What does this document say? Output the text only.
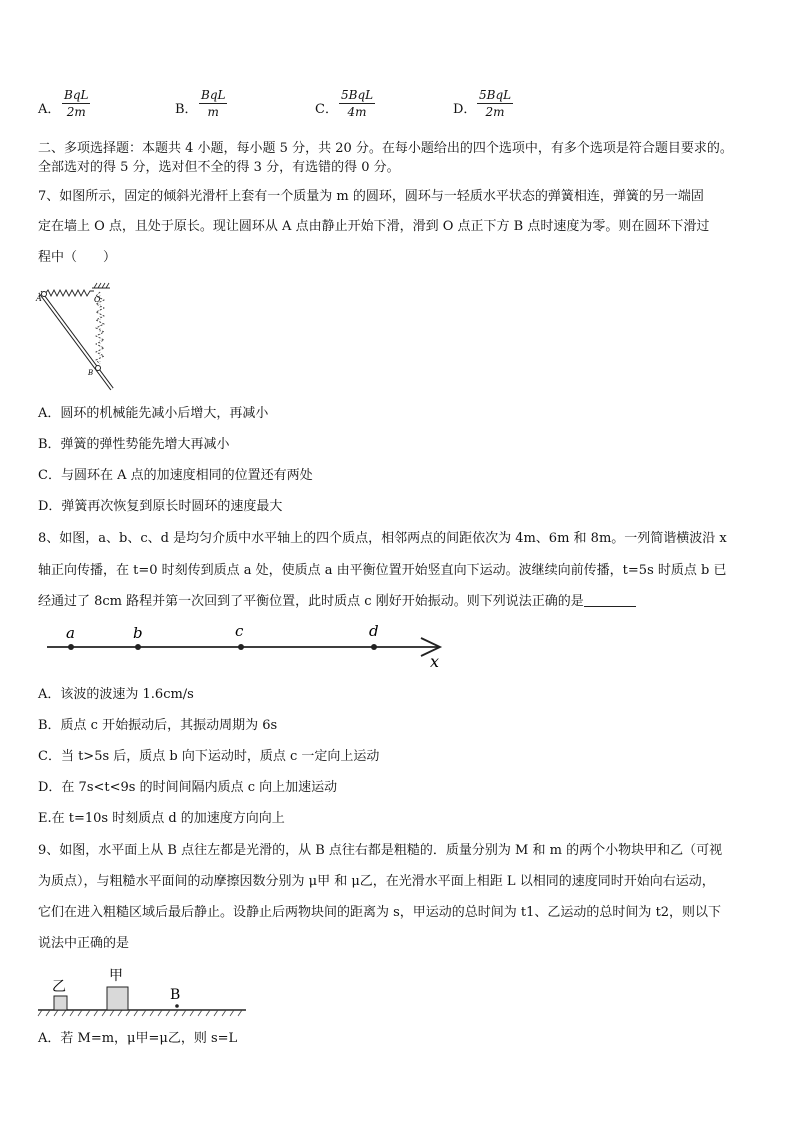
A．
BqL
2m	B．
BqL
m	C．
5BqL
4m	D．
5BqL
2m
二、多项选择题：本题共 4 小题，每小题 5 分，共 20 分。在每小题给出的四个选项中，有多个选项是符合题目要求的。
全部选对的得 5 分，选对但不全的得 3 分，有选错的得 0 分。
7、如图所示，固定的倾斜光滑杆上套有一个质量为 m 的圆环，圆环与一轻质水平状态的弹簧相连，弹簧的另一端固
定在墙上 O 点，且处于原长。现让圆环从 A 点由静止开始下滑，滑到 O 点正下方 B 点时速度为零。则在圆环下滑过
程中（　　）
A	O
B
A．圆环的机械能先减小后增大，再减小
B．弹簧的弹性势能先增大再减小
C．与圆环在 A 点的加速度相同的位置还有两处
D．弹簧再次恢复到原长时圆环的速度最大
8、如图，a、b、c、d 是均匀介质中水平轴上的四个质点，相邻两点的间距依次为 4m、6m 和 8m。一列简谐横波沿 x
轴正向传播，在 t=0 时刻传到质点 a 处，使质点 a 由平衡位置开始竖直向下运动。波继续向前传播，t=5s 时质点 b 已
经通过了 8cm 路程并第一次回到了平衡位置，此时质点 c 刚好开始振动。则下列说法正确的是
a	b	c	d
x
A．该波的波速为 1.6cm/s
B．质点 c 开始振动后，其振动周期为 6s
C．当 t>5s 后，质点 b 向下运动时，质点 c 一定向上运动
D．在 7s<t<9s 的时间间隔内质点 c 向上加速运动
E.在 t=10s 时刻质点 d 的加速度方向向上
9、如图，水平面上从 B 点往左都是光滑的，从 B 点往右都是粗糙的．质量分别为 M 和 m 的两个小物块甲和乙（可视
为质点），与粗糙水平面间的动摩擦因数分别为 μ甲 和 μ乙，在光滑水平面上相距 L 以相同的速度同时开始向右运动，
它们在进入粗糙区域后最后静止。设静止后两物块间的距离为 s，甲运动的总时间为 t1、乙运动的总时间为 t2，则以下
说法中正确的是
乙
甲
B
A．若 M=m，μ甲=μ乙，则 s=L
